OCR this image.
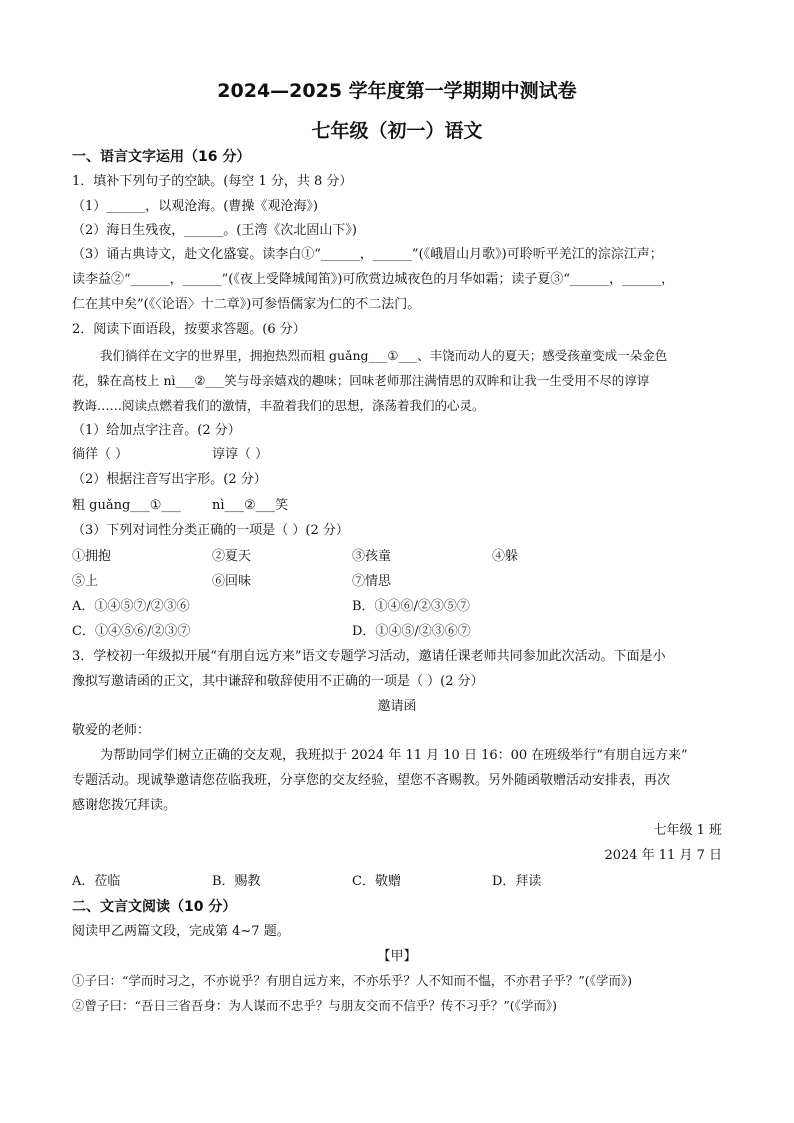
2024—2025 学年度第一学期期中测试卷
七年级（初一）语文
一、语言文字运用（16 分）
1．填补下列句子的空缺。(每空 1 分，共 8 分）
（1）______，以观沧海。(曹操《观沧海》)
（2）海日生残夜，______。(王湾《次北固山下》)
（3）诵古典诗文，赴文化盛宴。读李白①“______，______”(《峨眉山月歌》)可聆听平羌江的淙淙江声；
读李益②“______，______”(《夜上受降城闻笛》)可欣赏边城夜色的月华如霜；读子夏③“______，______，
仁在其中矣”(《〈论语〉十二章》)可参悟儒家为仁的不二法门。
2．阅读下面语段，按要求答题。(6 分）
我们徜徉在文字的世界里，拥抱热烈而粗 guǎng___①___、丰饶而动人的夏天；感受孩童变成一朵金色
花，躲在高枝上 nì___②___笑与母亲嬉戏的趣味；回味老师那注满情思的双眸和让我一生受用不尽的谆谆
教诲……阅读点燃着我们的激情，丰盈着我们的思想，涤荡着我们的心灵。
（1）给加点字注音。(2 分）
徜徉（ ）	谆谆（ ）
（2）根据注音写出字形。(2 分）
粗 guǎng___①___ nì___②___笑
（3）下列对词性分类正确的一项是（ ）(2 分）
①拥抱	②夏天	③孩童	④躲
⑤上	⑥回味	⑦情思
A．①④⑤⑦/②③⑥	B．①④⑥/②③⑤⑦
C．①④⑤⑥/②③⑦	D．①④⑤/②③⑥⑦
3．学校初一年级拟开展“有朋自远方来”语文专题学习活动，邀请任课老师共同参加此次活动。下面是小
豫拟写邀请函的正文，其中谦辞和敬辞使用不正确的一项是（ ）(2 分）
邀请函
敬爱的老师：
为帮助同学们树立正确的交友观，我班拟于 2024 年 11 月 10 日 16：00 在班级举行“有朋自远方来”
专题活动。现诚挚邀请您莅临我班，分享您的交友经验，望您不吝赐教。另外随函敬赠活动安排表，再次
感谢您拨冗拜读。
七年级 1 班
2024 年 11 月 7 日
A．莅临	B．赐教	C．敬赠	D．拜读
二、文言文阅读（10 分）
阅读甲乙两篇文段，完成第 4~7 题。
【甲】
①子曰：“学而时习之，不亦说乎？有朋自远方来，不亦乐乎？人不知而不愠，不亦君子乎？”(《学而》)
②曾子曰：“吾日三省吾身：为人谋而不忠乎？与朋友交而不信乎？传不习乎？”(《学而》)
